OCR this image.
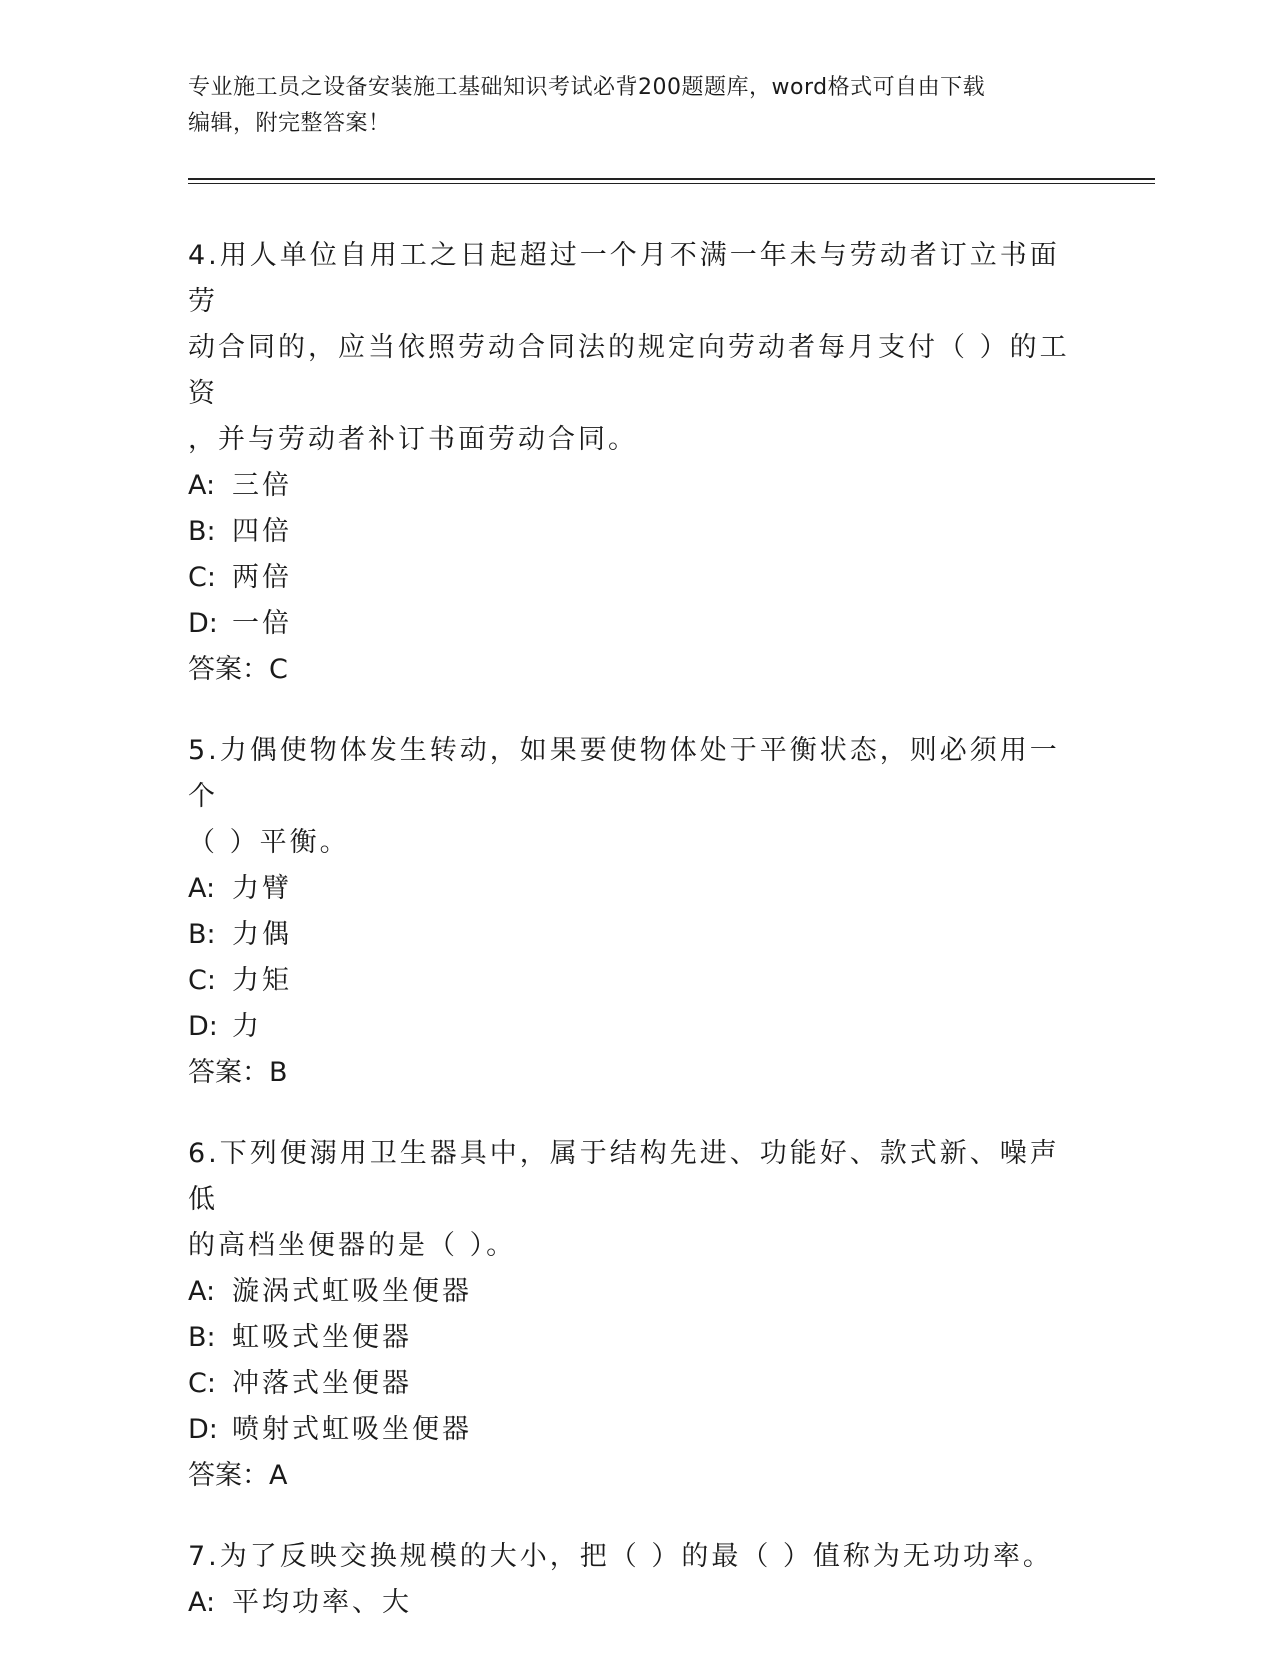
专业施工员之设备安装施工基础知识考试必背200题题库，word格式可自由下载
编辑，附完整答案！

4.用人单位自用工之日起超过一个月不满一年未与劳动者订立书面劳

动合同的，应当依照劳动合同法的规定向劳动者每月支付（ ）的工资

，并与劳动者补订书面劳动合同。

A: 三倍

B: 四倍

C: 两倍

D: 一倍

答案：C

5.力偶使物体发生转动，如果要使物体处于平衡状态，则必须用一个

（ ）平衡。

A: 力臂

B: 力偶

C: 力矩

D: 力

答案：B

6.下列便溺用卫生器具中，属于结构先进、功能好、款式新、噪声低

的高档坐便器的是（ ）。

A: 漩涡式虹吸坐便器

B: 虹吸式坐便器

C: 冲落式坐便器

D: 喷射式虹吸坐便器

答案：A

7.为了反映交换规模的大小，把（ ）的最（ ）值称为无功功率。

A: 平均功率、大
